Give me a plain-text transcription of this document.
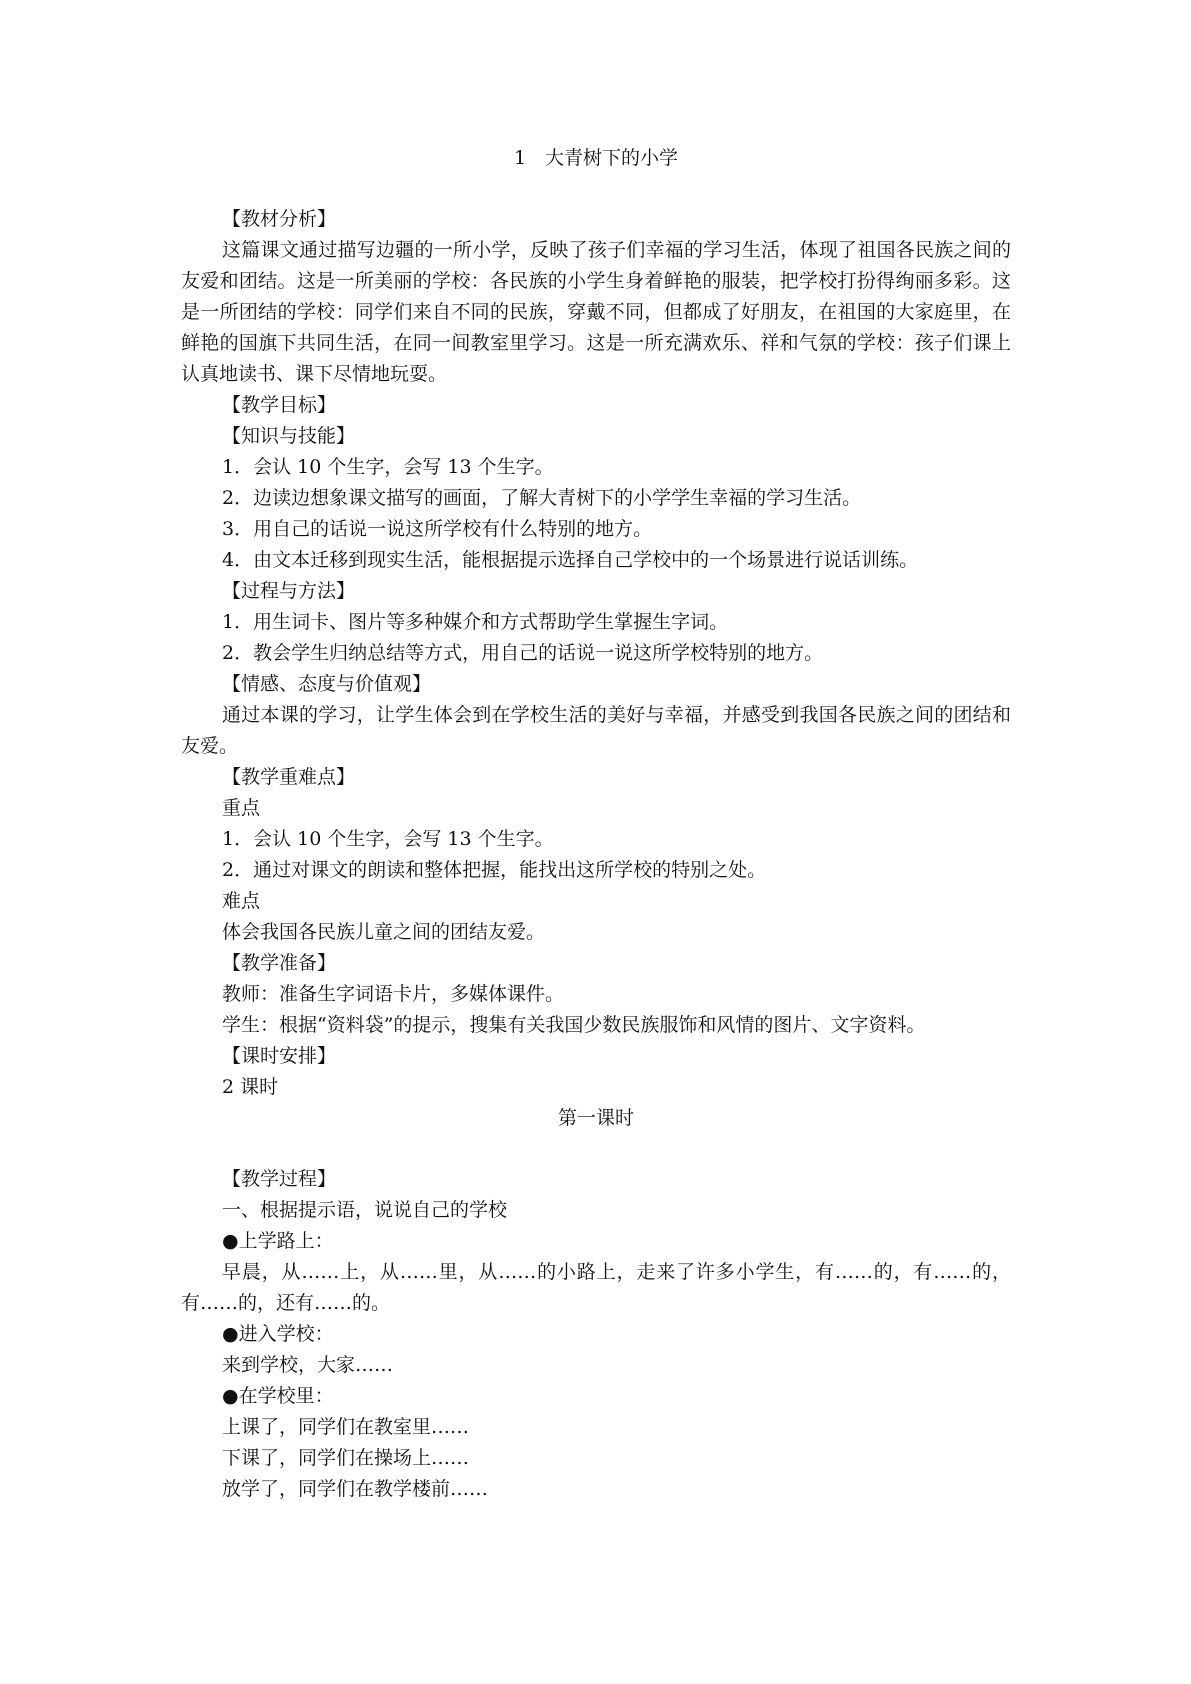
1　大青树下的小学

【教材分析】

这篇课文通过描写边疆的一所小学，反映了孩子们幸福的学习生活，体现了祖国各民族之间的友爱和团结。这是一所美丽的学校：各民族的小学生身着鲜艳的服装，把学校打扮得绚丽多彩。这是一所团结的学校：同学们来自不同的民族，穿戴不同，但都成了好朋友，在祖国的大家庭里，在鲜艳的国旗下共同生活，在同一间教室里学习。这是一所充满欢乐、祥和气氛的学校：孩子们课上认真地读书、课下尽情地玩耍。

【教学目标】

【知识与技能】

1．会认 10 个生字，会写 13 个生字。

2．边读边想象课文描写的画面，了解大青树下的小学学生幸福的学习生活。

3．用自己的话说一说这所学校有什么特别的地方。

4．由文本迁移到现实生活，能根据提示选择自己学校中的一个场景进行说话训练。

【过程与方法】

1．用生词卡、图片等多种媒介和方式帮助学生掌握生字词。

2．教会学生归纳总结等方式，用自己的话说一说这所学校特别的地方。

【情感、态度与价值观】

通过本课的学习，让学生体会到在学校生活的美好与幸福，并感受到我国各民族之间的团结和友爱。

【教学重难点】

重点

1．会认 10 个生字，会写 13 个生字。

2．通过对课文的朗读和整体把握，能找出这所学校的特别之处。

难点

体会我国各民族儿童之间的团结友爱。

【教学准备】

教师：准备生字词语卡片，多媒体课件。

学生：根据“资料袋”的提示，搜集有关我国少数民族服饰和风情的图片、文字资料。

【课时安排】

2 课时

第一课时

【教学过程】

一、根据提示语，说说自己的学校

●上学路上：

早晨，从……上，从……里，从……的小路上，走来了许多小学生，有……的，有……的，有……的，还有……的。

●进入学校：

来到学校，大家……

●在学校里：

上课了，同学们在教室里……

下课了，同学们在操场上……

放学了，同学们在教学楼前……
